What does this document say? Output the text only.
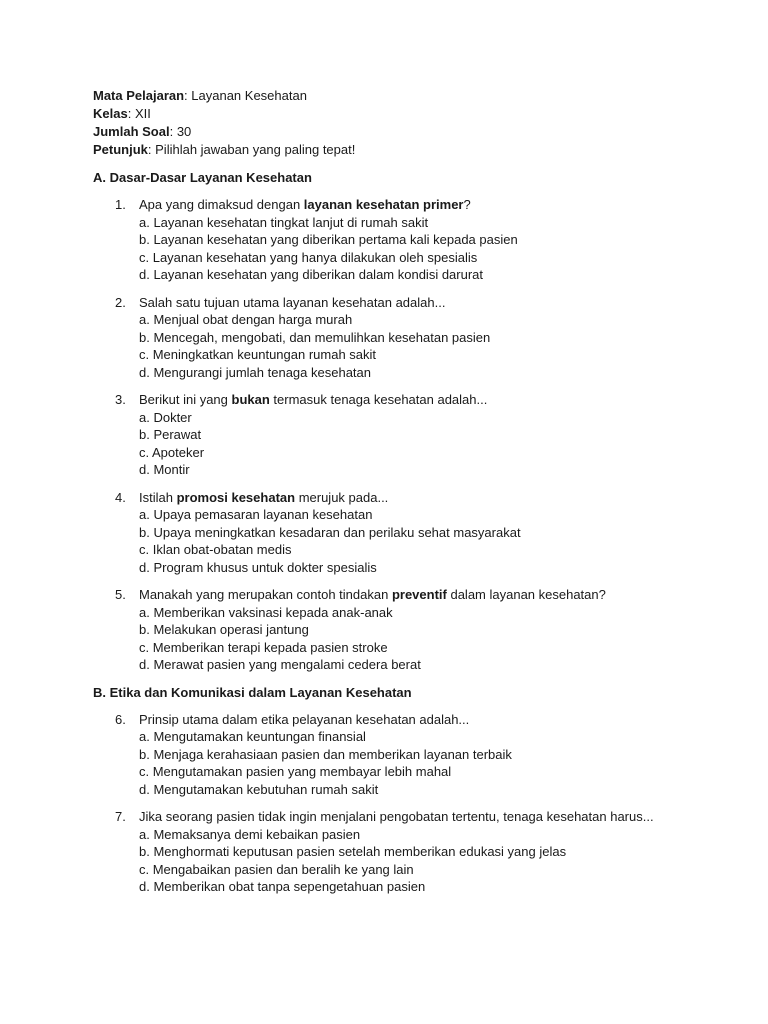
Mata Pelajaran: Layanan Kesehatan
Kelas: XII
Jumlah Soal: 30
Petunjuk: Pilihlah jawaban yang paling tepat!
A. Dasar-Dasar Layanan Kesehatan
1.	Apa yang dimaksud dengan layanan kesehatan primer?
a. Layanan kesehatan tingkat lanjut di rumah sakit
b. Layanan kesehatan yang diberikan pertama kali kepada pasien
c. Layanan kesehatan yang hanya dilakukan oleh spesialis
d. Layanan kesehatan yang diberikan dalam kondisi darurat
2.	Salah satu tujuan utama layanan kesehatan adalah...
a. Menjual obat dengan harga murah
b. Mencegah, mengobati, dan memulihkan kesehatan pasien
c. Meningkatkan keuntungan rumah sakit
d. Mengurangi jumlah tenaga kesehatan
3.	Berikut ini yang bukan termasuk tenaga kesehatan adalah...
a. Dokter
b. Perawat
c. Apoteker
d. Montir
4.	Istilah promosi kesehatan merujuk pada...
a. Upaya pemasaran layanan kesehatan
b. Upaya meningkatkan kesadaran dan perilaku sehat masyarakat
c. Iklan obat-obatan medis
d. Program khusus untuk dokter spesialis
5.	Manakah yang merupakan contoh tindakan preventif dalam layanan kesehatan?
a. Memberikan vaksinasi kepada anak-anak
b. Melakukan operasi jantung
c. Memberikan terapi kepada pasien stroke
d. Merawat pasien yang mengalami cedera berat
B. Etika dan Komunikasi dalam Layanan Kesehatan
6.	Prinsip utama dalam etika pelayanan kesehatan adalah...
a. Mengutamakan keuntungan finansial
b. Menjaga kerahasiaan pasien dan memberikan layanan terbaik
c. Mengutamakan pasien yang membayar lebih mahal
d. Mengutamakan kebutuhan rumah sakit
7.	Jika seorang pasien tidak ingin menjalani pengobatan tertentu, tenaga kesehatan harus...
a. Memaksanya demi kebaikan pasien
b. Menghormati keputusan pasien setelah memberikan edukasi yang jelas
c. Mengabaikan pasien dan beralih ke yang lain
d. Memberikan obat tanpa sepengetahuan pasien
